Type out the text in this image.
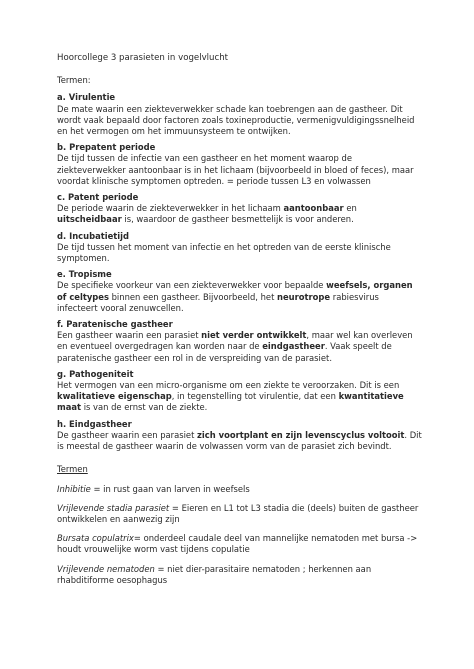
Hoorcollege 3 parasieten in vogelvlucht

Termen:

a. Virulentie

De mate waarin een ziekteverwekker schade kan toebrengen aan de gastheer. Dit wordt vaak bepaald door factoren zoals toxineproductie, vermenigvuldigingssnelheid en het vermogen om het immuunsysteem te ontwijken.

b. Prepatent periode

De tijd tussen de infectie van een gastheer en het moment waarop de ziekteverwekker aantoonbaar is in het lichaam (bijvoorbeeld in bloed of feces), maar voordat klinische symptomen optreden. = periode tussen L3 en volwassen

c. Patent periode

De periode waarin de ziekteverwekker in het lichaam aantoonbaar en uitscheidbaar is, waardoor de gastheer besmettelijk is voor anderen.

d. Incubatietijd

De tijd tussen het moment van infectie en het optreden van de eerste klinische symptomen.

e. Tropisme

De specifieke voorkeur van een ziekteverwekker voor bepaalde weefsels, organen of celtypes binnen een gastheer. Bijvoorbeeld, het neurotrope rabiesvirus infecteert vooral zenuwcellen.

f. Paratenische gastheer

Een gastheer waarin een parasiet niet verder ontwikkelt, maar wel kan overleven en eventueel overgedragen kan worden naar de eindgastheer. Vaak speelt de paratenische gastheer een rol in de verspreiding van de parasiet.

g. Pathogeniteit

Het vermogen van een micro-organisme om een ziekte te veroorzaken. Dit is een kwalitatieve eigenschap, in tegenstelling tot virulentie, dat een kwantitatieve maat is van de ernst van de ziekte.

h. Eindgastheer

De gastheer waarin een parasiet zich voortplant en zijn levenscyclus voltooit. Dit is meestal de gastheer waarin de volwassen vorm van de parasiet zich bevindt.

Termen

Inhibitie = in rust gaan van larven in weefsels

Vrijlevende stadia parasiet = Eieren en L1 tot L3 stadia die (deels) buiten de gastheer ontwikkelen en aanwezig zijn

Bursata copulatrix= onderdeel caudale deel van mannelijke nematoden met bursa -> houdt vrouwelijke worm vast tijdens copulatie

Vrijlevende nematoden = niet dier-parasitaire nematoden ; herkennen aan rhabditiforme oesophagus
